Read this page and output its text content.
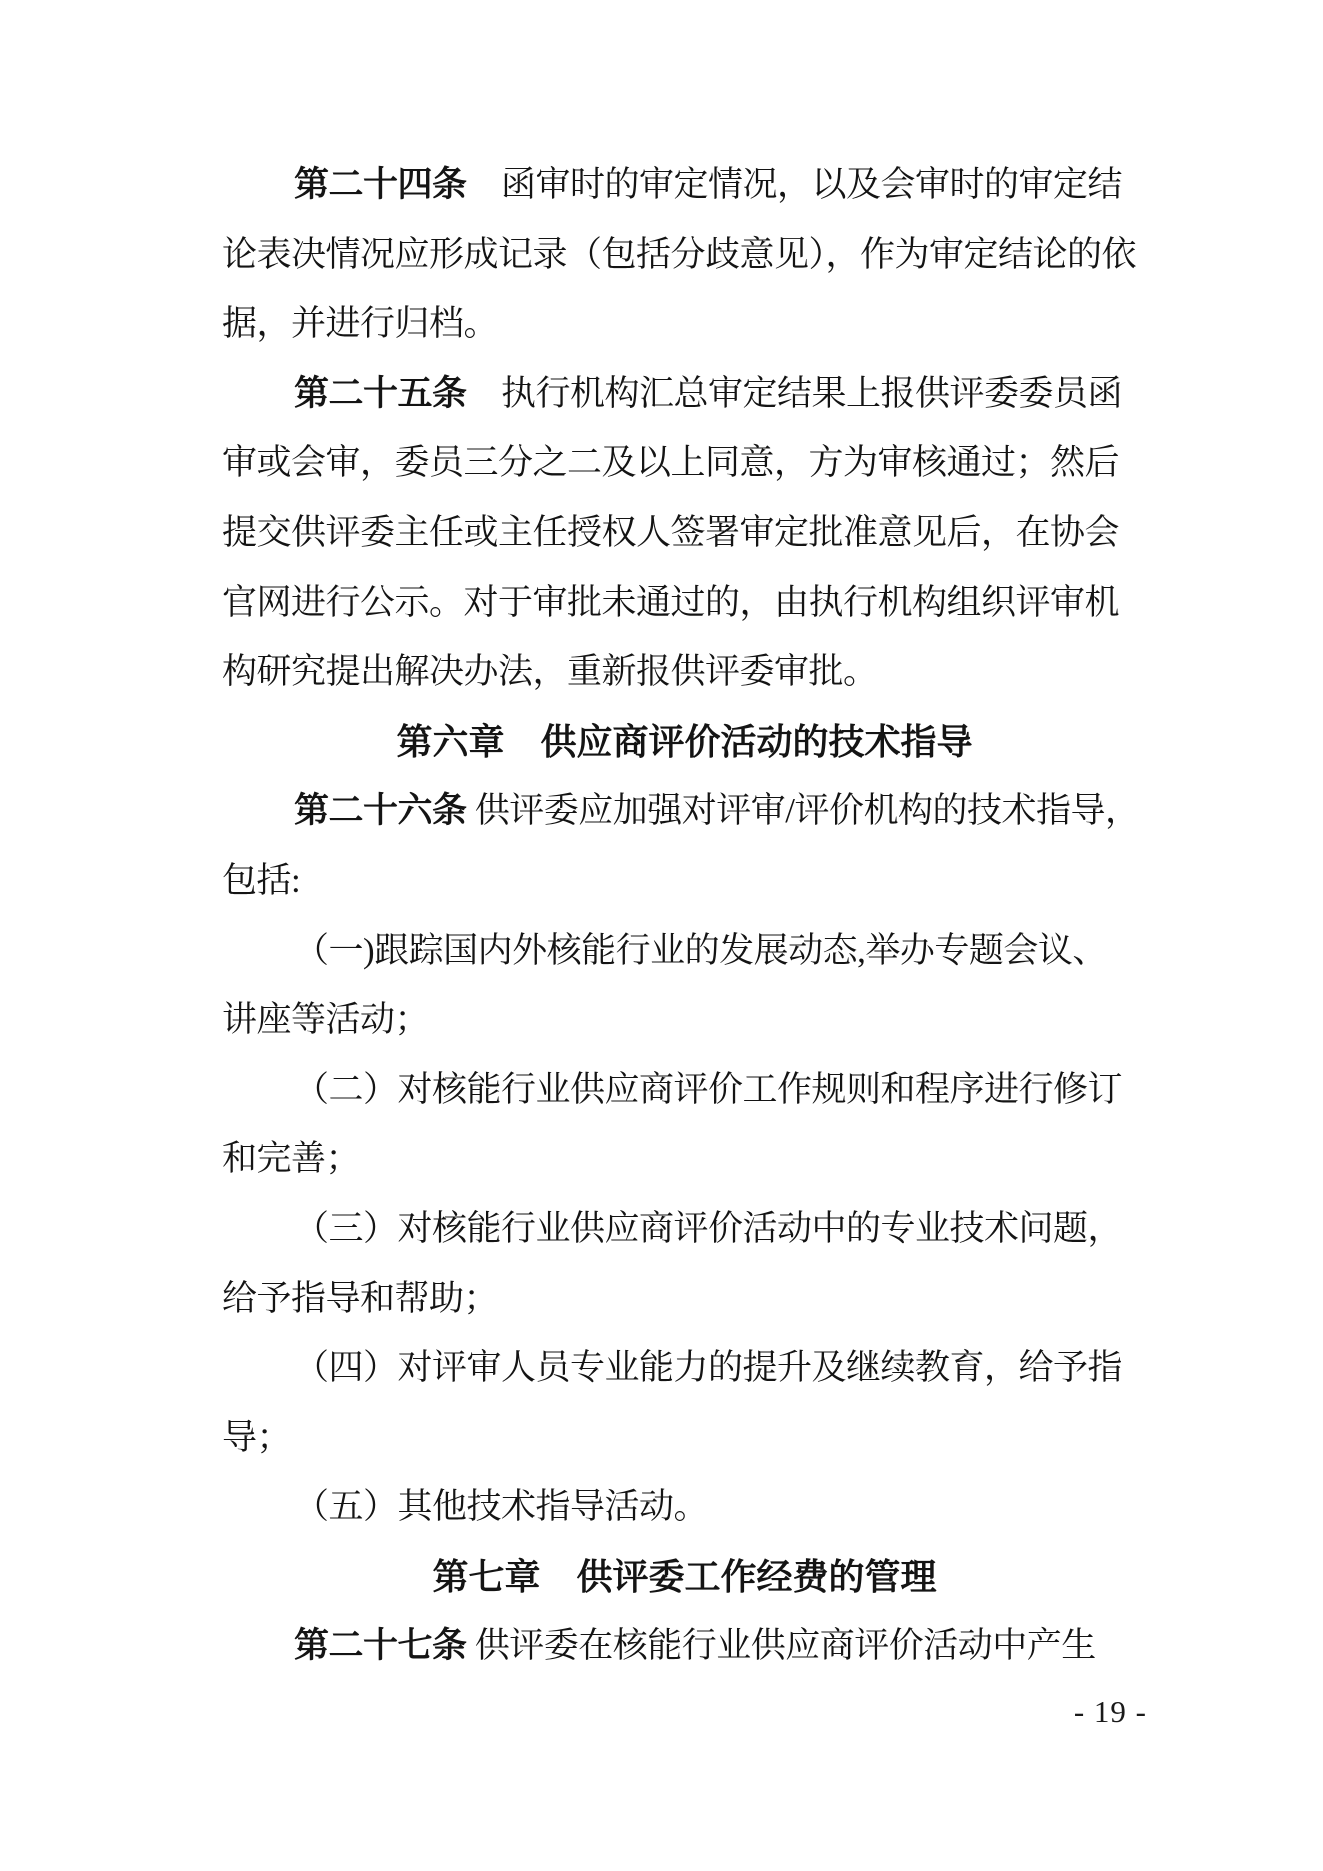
第二十四条　函审时的审定情况，以及会审时的审定结
论表决情况应形成记录（包括分歧意见），作为审定结论的依
据，并进行归档。
第二十五条　执行机构汇总审定结果上报供评委委员函
审或会审，委员三分之二及以上同意，方为审核通过；然后
提交供评委主任或主任授权人签署审定批准意见后，在协会
官网进行公示。对于审批未通过的，由执行机构组织评审机
构研究提出解决办法，重新报供评委审批。
第六章　供应商评价活动的技术指导
第二十六条 供评委应加强对评审/评价机构的技术指导，
包括:
（一)跟踪国内外核能行业的发展动态,举办专题会议、
讲座等活动；
（二）对核能行业供应商评价工作规则和程序进行修订
和完善；
（三）对核能行业供应商评价活动中的专业技术问题，
给予指导和帮助；
（四）对评审人员专业能力的提升及继续教育，给予指
导；
（五）其他技术指导活动。
第七章　供评委工作经费的管理
第二十七条 供评委在核能行业供应商评价活动中产生
- 19 -
